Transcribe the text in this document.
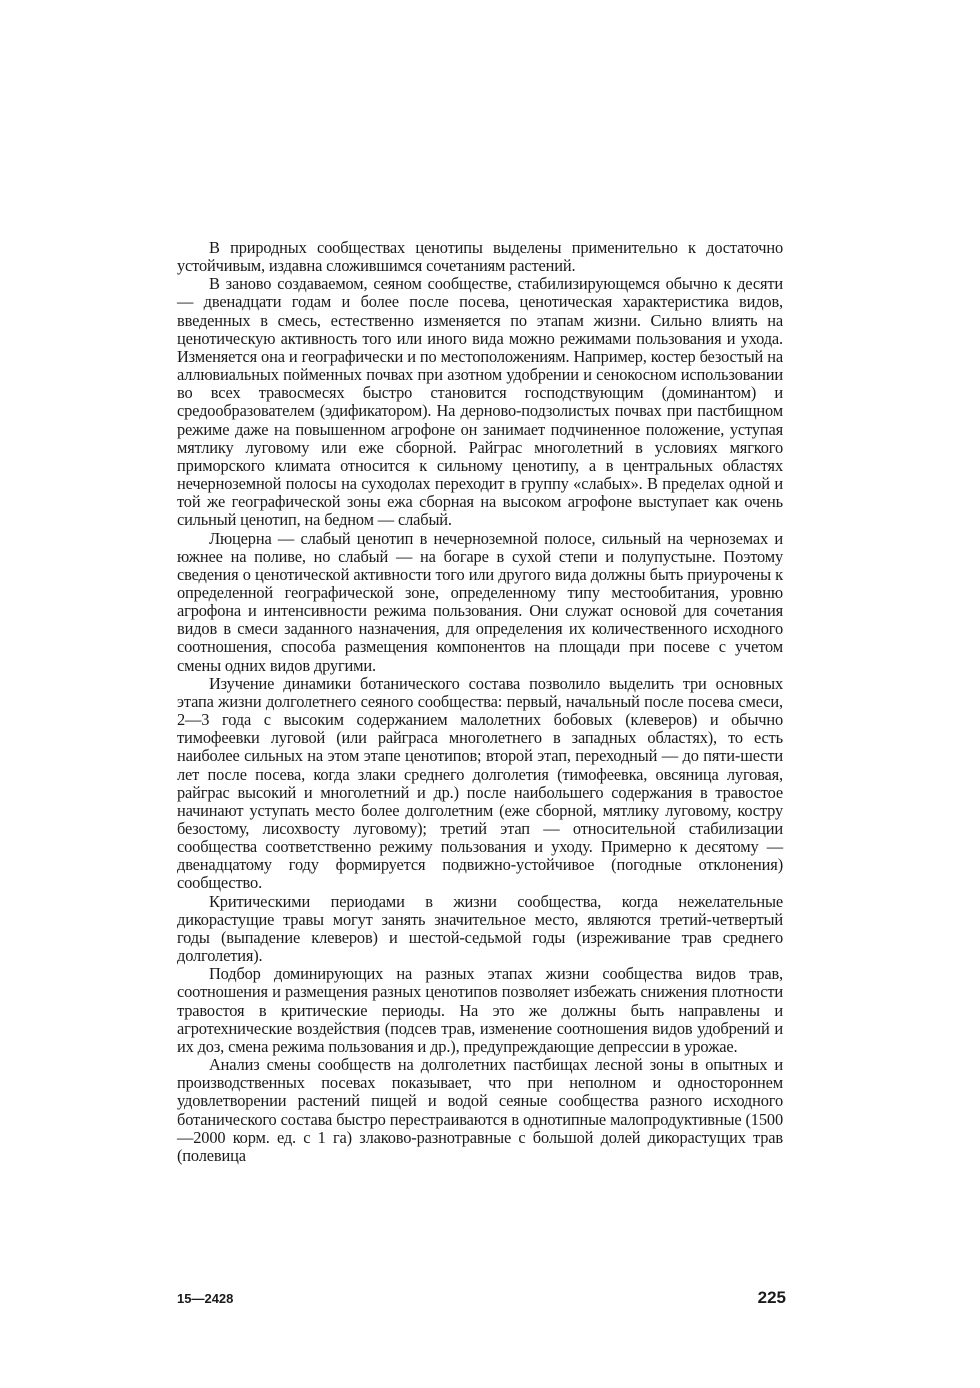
В природных сообществах ценотипы выделены применительно к достаточно устойчивым, издавна сложившимся сочетаниям растений.

В заново создаваемом, сеяном сообществе, стабилизирующемся обычно к десяти — двенадцати годам и более после посева, ценотическая характеристика видов, введенных в смесь, естественно изменяется по этапам жизни. Сильно влиять на ценотическую активность того или иного вида можно режимами пользования и ухода. Изменяется она и географически и по местоположениям. Например, костер безостый на аллювиальных пойменных почвах при азотном удобрении и сенокосном использовании во всех травосмесях быстро становится господствующим (доминантом) и средообразователем (эдификатором). На дерново-подзолистых почвах при пастбищном режиме даже на повышенном агрофоне он занимает подчиненное положение, уступая мятлику луговому или еже сборной. Райграс многолетний в условиях мягкого приморского климата относится к сильному ценотипу, а в центральных областях нечерноземной полосы на суходолах переходит в группу «слабых». В пределах одной и той же географической зоны ежа сборная на высоком агрофоне выступает как очень сильный ценотип, на бедном — слабый.

Люцерна — слабый ценотип в нечерноземной полосе, сильный на черноземах и южнее на поливе, но слабый — на богаре в сухой степи и полупустыне. Поэтому сведения о ценотической активности того или другого вида должны быть приурочены к определенной географической зоне, определенному типу местообитания, уровню агрофона и интенсивности режима пользования. Они служат основой для сочетания видов в смеси заданного назначения, для определения их количественного исходного соотношения, способа размещения компонентов на площади при посеве с учетом смены одних видов другими.

Изучение динамики ботанического состава позволило выделить три основных этапа жизни долголетнего сеяного сообщества: первый, начальный после посева смеси, 2—3 года с высоким содержанием малолетних бобовых (клеверов) и обычно тимофеевки луговой (или райграса многолетнего в западных областях), то есть наиболее сильных на этом этапе ценотипов; второй этап, переходный — до пяти-шести лет после посева, когда злаки среднего долголетия (тимофеевка, овсяница луговая, райграс высокий и многолетний и др.) после наибольшего содержания в травостое начинают уступать место более долголетним (еже сборной, мятлику луговому, костру безостому, лисохвосту луговому); третий этап — относительной стабилизации сообщества соответственно режиму пользования и уходу. Примерно к десятому — двенадцатому году формируется подвижно-устойчивое (погодные отклонения) сообщество.

Критическими периодами в жизни сообщества, когда нежелательные дикорастущие травы могут занять значительное место, являются третий-четвертый годы (выпадение клеверов) и шестой-седьмой годы (изреживание трав среднего долголетия).

Подбор доминирующих на разных этапах жизни сообщества видов трав, соотношения и размещения разных ценотипов позволяет избежать снижения плотности травостоя в критические периоды. На это же должны быть направлены и агротехнические воздействия (подсев трав, изменение соотношения видов удобрений и их доз, смена режима пользования и др.), предупреждающие депрессии в урожае.

Анализ смены сообществ на долголетних пастбищах лесной зоны в опытных и производственных посевах показывает, что при неполном и одностороннем удовлетворении растений пищей и водой сеяные сообщества разного исходного ботанического состава быстро перестраиваются в однотипные малопродуктивные (1500—2000 корм. ед. с 1 га) злаково-разнотравные с большой долей дикорастущих трав (полевица

15—2428	225
